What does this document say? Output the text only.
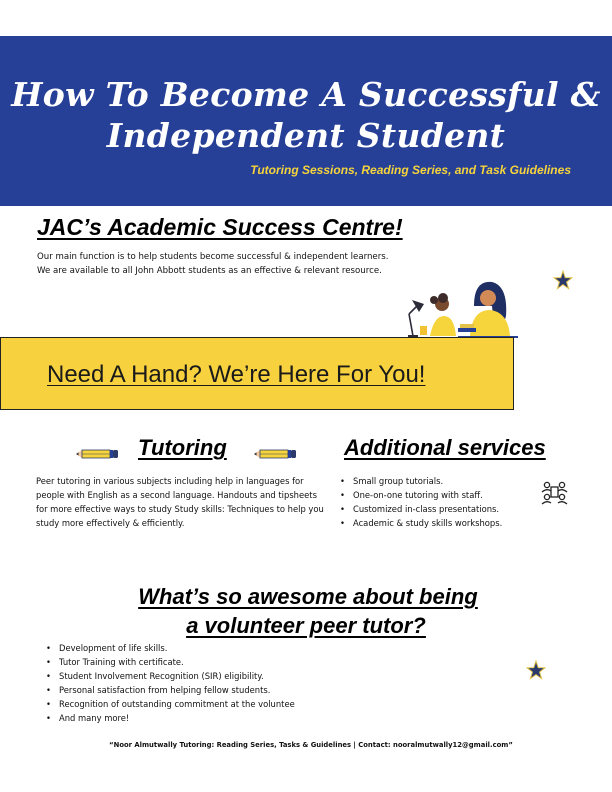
How To Become A Successful &
Independent Student
Tutoring Sessions, Reading Series, and Task Guidelines
JAC’s Academic Success Centre!

Our main function is to help students become successful & independent learners. We are available to all John Abbott students as an effective & relevant resource.

Need A Hand? We’re Here For You!
Tutoring

Peer tutoring in various subjects including help in languages for people with English as a second language. Handouts and tipsheets for more effective ways to study Study skills: Techniques to help you study more effectively & efficiently.

Additional services
• Small group tutorials.
• One-on-one tutoring with staff.
• Customized in-class presentations.
• Academic & study skills workshops.
What’s so awesome about being
a volunteer peer tutor?
• Development of life skills.
• Tutor Training with certificate.
• Student Involvement Recognition (SIR) eligibility.
• Personal satisfaction from helping fellow students.
• Recognition of outstanding commitment at the voluntee
• And many more!
“Noor Almutwally Tutoring: Reading Series, Tasks & Guidelines | Contact: nooralmutwally12@gmail.com”
